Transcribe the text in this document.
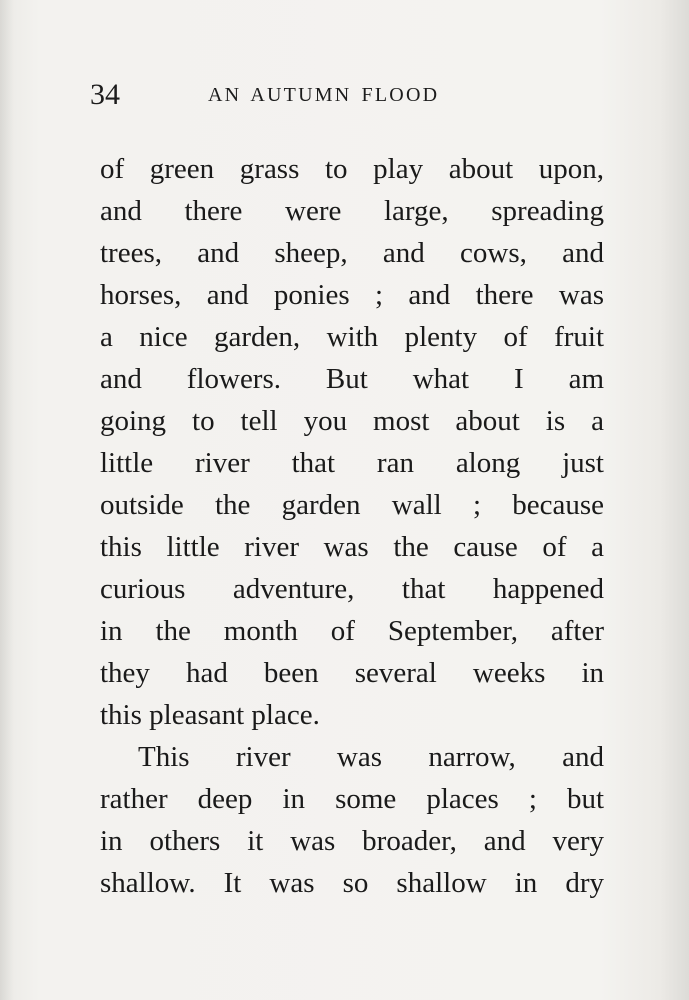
34	AN AUTUMN FLOOD
of green grass to play about upon,
and there were large, spreading
trees, and sheep, and cows, and
horses, and ponies ; and there was
a nice garden, with plenty of fruit
and flowers. But what I am
going to tell you most about is a
little river that ran along just
outside the garden wall ; because
this little river was the cause of a
curious adventure, that happened
in the month of September, after
they had been several weeks in
this pleasant place.
This river was narrow, and
rather deep in some places ; but
in others it was broader, and very
shallow. It was so shallow in dry
